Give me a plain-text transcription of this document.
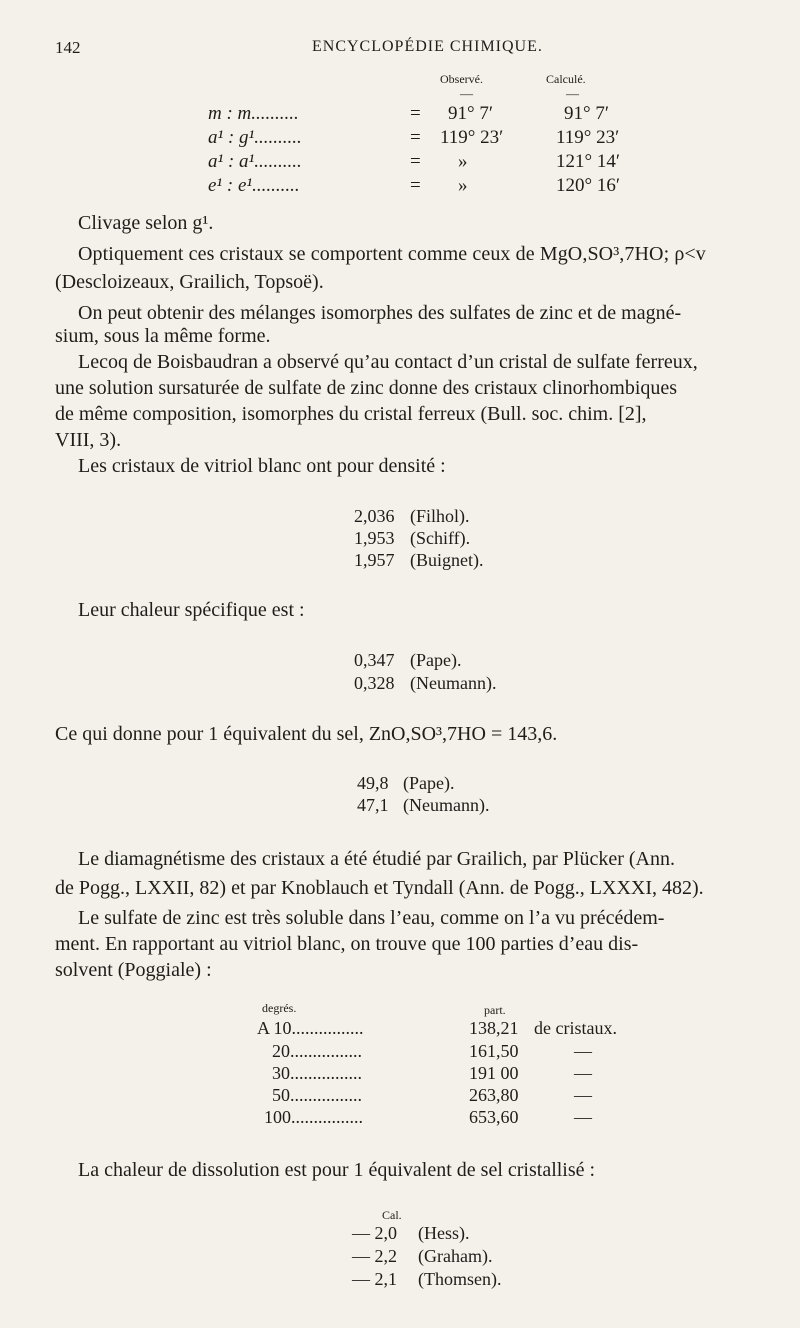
142	ENCYCLOPÉDIE CHIMIQUE.
Observé.	Calculé.
—	—
m : m..........	= 91° 7′	91° 7′
a¹ : g¹..........	= 119° 23′	119° 23′
a¹ : a¹..........	= »	121° 14′
e¹ : e¹..........	= »	120° 16′
Clivage selon g¹.
Optiquement ces cristaux se comportent comme ceux de MgO,SO³,7HO; ρ<v
(Descloizeaux, Grailich, Topsoë).
On peut obtenir des mélanges isomorphes des sulfates de zinc et de magné-
sium, sous la même forme.
Lecoq de Boisbaudran a observé qu’au contact d’un cristal de sulfate ferreux,
une solution sursaturée de sulfate de zinc donne des cristaux clinorhombiques
de même composition, isomorphes du cristal ferreux (Bull. soc. chim. [2],
VIII, 3).
Les cristaux de vitriol blanc ont pour densité :
2,036 (Filhol).
1,953 (Schiff).
1,957 (Buignet).
Leur chaleur spécifique est :
0,347 (Pape).
0,328 (Neumann).
Ce qui donne pour 1 équivalent du sel, ZnO,SO³,7HO = 143,6.
49,8 (Pape).
47,1 (Neumann).
Le diamagnétisme des cristaux a été étudié par Grailich, par Plücker (Ann.
de Pogg., LXXII, 82) et par Knoblauch et Tyndall (Ann. de Pogg., LXXXI, 482).
Le sulfate de zinc est très soluble dans l’eau, comme on l’a vu précédem-
ment. En rapportant au vitriol blanc, on trouve que 100 parties d’eau dis-
solvent (Poggiale) :
degrés.	part.
A 10................	138,21 de cristaux.
20................	161,50	—
30................	191 00	—
50................	263,80	—
100................	653,60	—
La chaleur de dissolution est pour 1 équivalent de sel cristallisé :
Cal.
— 2,0 (Hess).
— 2,2 (Graham).
— 2,1 (Thomsen).
